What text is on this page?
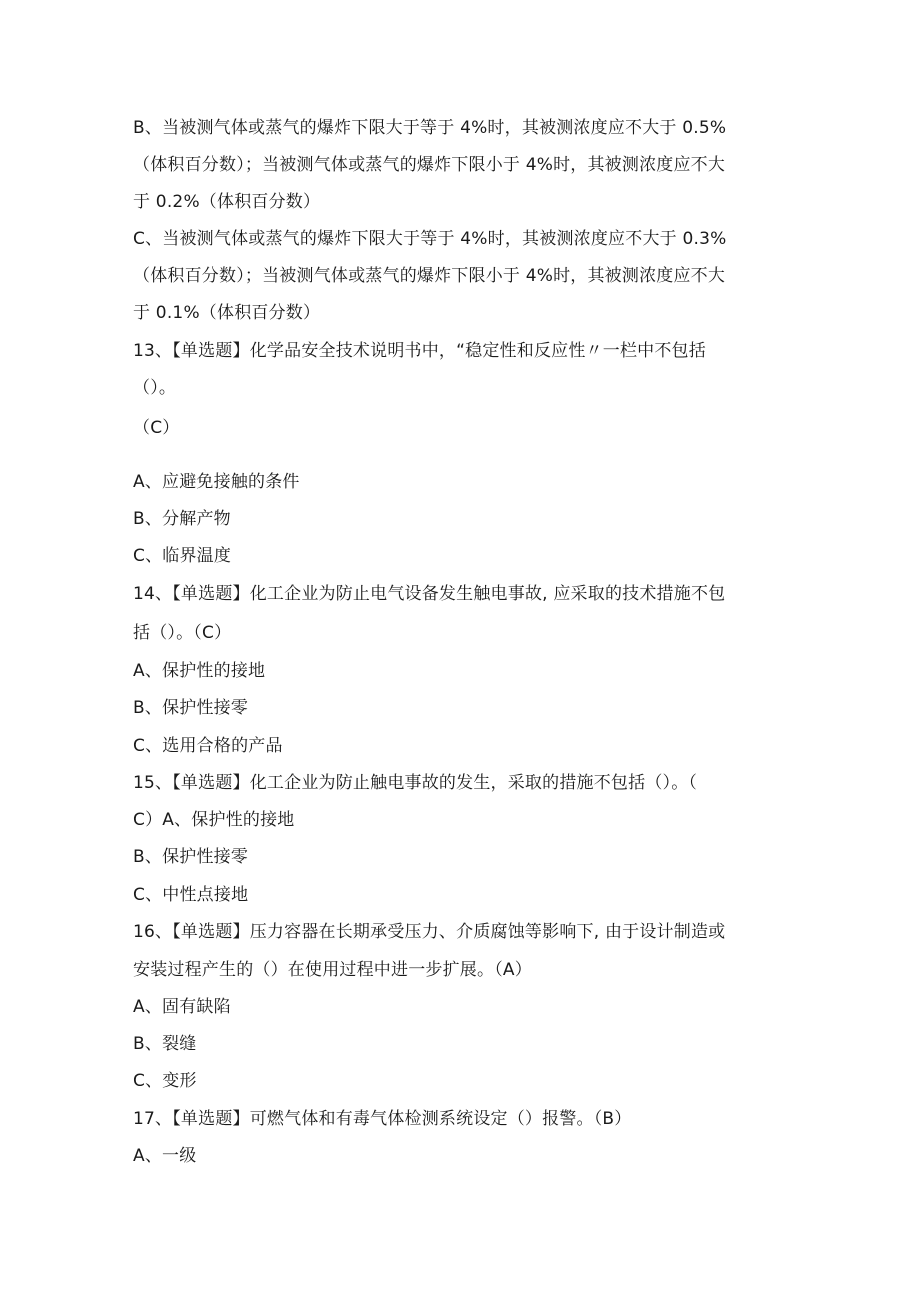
B、当被测气体或蒸气的爆炸下限大于等于 4%时，其被测浓度应不大于 0.5%
（体积百分数）；当被测气体或蒸气的爆炸下限小于 4%时，其被测浓度应不大
于 0.2%（体积百分数）
C、当被测气体或蒸气的爆炸下限大于等于 4%时，其被测浓度应不大于 0.3%
（体积百分数）；当被测气体或蒸气的爆炸下限小于 4%时，其被测浓度应不大
于 0.1%（体积百分数）
13、【单选题】化学品安全技术说明书中，“稳定性和反应性〃一栏中不包括
（）。
（C）
A、应避免接触的条件
B、分解产物
C、临界温度
14、【单选题】化工企业为防止电气设备发生触电事故, 应采取的技术措施不包
括（）。（C）
A、保护性的接地
B、保护性接零
C、选用合格的产品
15、【单选题】化工企业为防止触电事故的发生，采取的措施不包括（）。（
C）A、保护性的接地
B、保护性接零
C、中性点接地
16、【单选题】压力容器在长期承受压力、介质腐蚀等影响下, 由于设计制造或
安装过程产生的（）在使用过程中进一步扩展。（A）
A、固有缺陷
B、裂缝
C、变形
17、【单选题】可燃气体和有毒气体检测系统设定（）报警。（B）
A、一级
